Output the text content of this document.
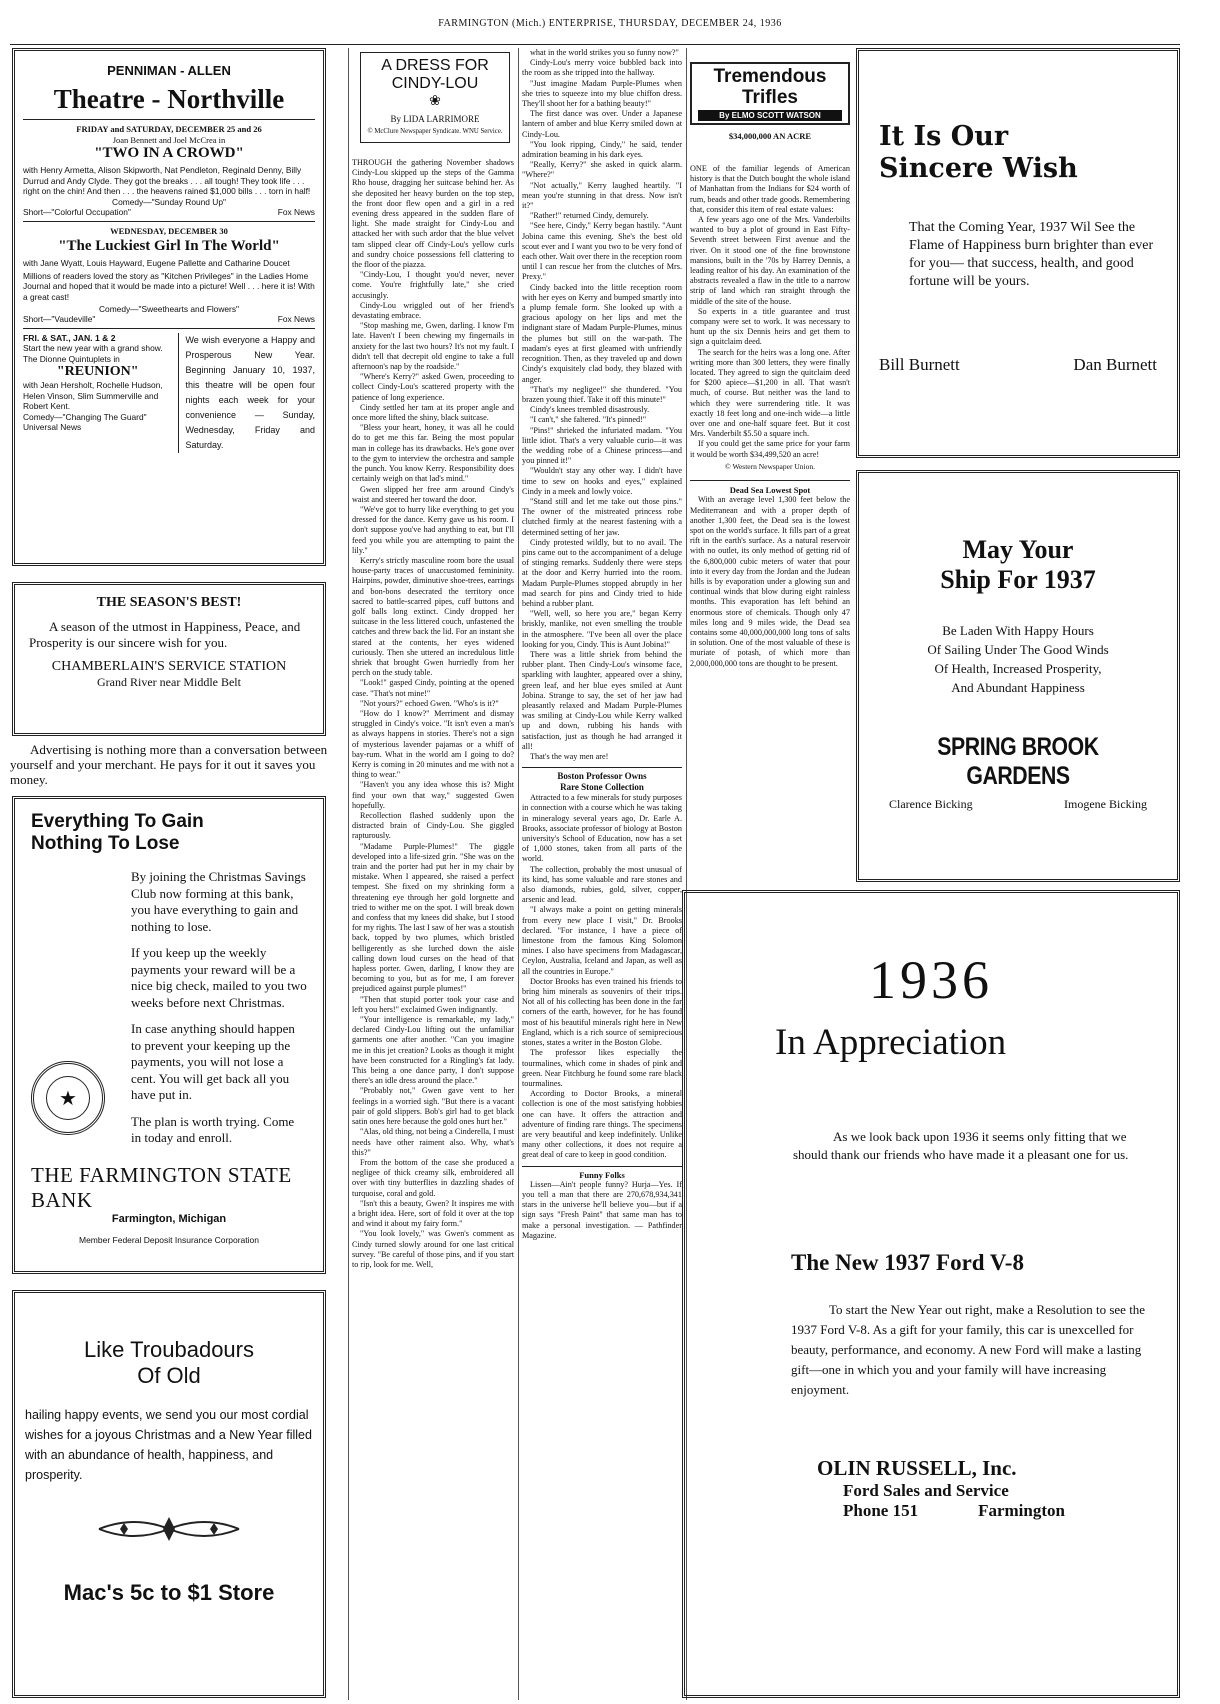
FARMINGTON (Mich.) ENTERPRISE, THURSDAY, DECEMBER 24, 1936
PENNIMAN - ALLEN
Theatre - Northville
FRIDAY and SATURDAY, DECEMBER 25 and 26
Joan Bennett and Joel McCrea in
"TWO IN A CROWD"
with Henry Armetta, Alison Skipworth, Nat Pendleton, Reginald Denny, Billy Durrud and Andy Clyde. They got the breaks . . . all tough! They took life . . . right on the chin! And then . . . the heavens rained $1,000 bills . . . torn in half!
Comedy—"Sunday Round Up"
Short—"Colorful Occupation"	Fox News
WEDNESDAY, DECEMBER 30
"The Luckiest Girl In The World"
with Jane Wyatt, Louis Hayward, Eugene Pallette and Catharine Doucet
Millions of readers loved the story as "Kitchen Privileges" in the Ladies Home Journal and hoped that it would be made into a picture! Well . . . here it is! With a great cast!
Comedy—"Sweethearts and Flowers"
Short—"Vaudeville"	Fox News
FRI. & SAT., JAN. 1 & 2
Start the new year with a grand show. The Dionne Quintuplets in
"REUNION"
with Jean Hersholt, Rochelle Hudson, Helen Vinson, Slim Summerville and Robert Kent.
Comedy—"Changing The Guard" Universal News
We wish everyone a Happy and Prosperous New Year. Beginning January 10, 1937, this theatre will be open four nights each week for your convenience — Sunday, Wednesday, Friday and Saturday.
THE SEASON'S BEST!
A season of the utmost in Happiness, Peace, and Prosperity is our sincere wish for you.
CHAMBERLAIN'S SERVICE STATION
Grand River near Middle Belt
Advertising is nothing more than a conversation between yourself and your merchant. He pays for it out it saves you money.
Everything To Gain
Nothing To Lose
By joining the Christmas Savings Club now forming at this bank, you have everything to gain and nothing to lose.
If you keep up the weekly payments your reward will be a nice big check, mailed to you two weeks before next Christmas.
★
In case anything should happen to prevent your keeping up the payments, you will not lose a cent. You will get back all you have put in.
The plan is worth trying. Come in today and enroll.
THE FARMINGTON STATE BANK
Farmington, Michigan
Member Federal Deposit Insurance Corporation
Like Troubadours
Of Old
hailing happy events, we send you our most cordial wishes for a joyous Christmas and a New Year filled with an abundance of health, happiness, and prosperity.
Mac's 5c to $1 Store
A DRESS FOR
CINDY-LOU
❀
By LIDA LARRIMORE
© McClure Newspaper Syndicate. WNU Service.

THROUGH the gathering November shadows Cindy-Lou skipped up the steps of the Gamma Rho house, dragging her suitcase behind her. As she deposited her heavy burden on the top step, the front door flew open and a girl in a red evening dress appeared in the sudden flare of light. She made straight for Cindy-Lou and attacked her with such ardor that the blue velvet tam slipped clear off Cindy-Lou's yellow curls and sundry choice possessions fell clattering to the floor of the piazza.

"Cindy-Lou, I thought you'd never, never come. You're frightfully late," she cried accusingly.

Cindy-Lou wriggled out of her friend's devastating embrace.

"Stop mashing me, Gwen, darling. I know I'm late. Haven't I been chewing my fingernails in anxiety for the last two hours? It's not my fault. I didn't tell that decrepit old engine to take a full afternoon's nap by the roadside."

"Where's Kerry?" asked Gwen, proceeding to collect Cindy-Lou's scattered property with the patience of long experience.

Cindy settled her tam at its proper angle and once more lifted the shiny, black suitcase.

"Bless your heart, honey, it was all he could do to get me this far. Being the most popular man in college has its drawbacks. He's gone over to the gym to interview the orchestra and sample the punch. You know Kerry. Responsibility does certainly weigh on that lad's mind."

Gwen slipped her free arm around Cindy's waist and steered her toward the door.

"We've got to hurry like everything to get you dressed for the dance. Kerry gave us his room. I don't suppose you've had anything to eat, but I'll feed you while you are attempting to paint the lily."

Kerry's strictly masculine room bore the usual house-party traces of unaccustomed femininity. Hairpins, powder, diminutive shoe-trees, earrings and bon-bons desecrated the territory once sacred to battle-scarred pipes, cuff buttons and golf balls long extinct. Cindy dropped her suitcase in the less littered couch, unfastened the catches and threw back the lid. For an instant she stared at the contents, her eyes widened curiously. Then she uttered an incredulous little shriek that brought Gwen hurriedly from her perch on the study table.

"Look!" gasped Cindy, pointing at the opened case. "That's not mine!"

"Not yours?" echoed Gwen. "Who's is it?"

"How do I know?" Merriment and dismay struggled in Cindy's voice. "It isn't even a man's as always happens in stories. There's not a sign of mysterious lavender pajamas or a whiff of bay-rum. What in the world am I going to do? Kerry is coming in 20 minutes and me with not a thing to wear."

"Haven't you any idea whose this is? Might find your own that way," suggested Gwen hopefully.

Recollection flashed suddenly upon the distracted brain of Cindy-Lou. She giggled rapturously.

"Madame Purple-Plumes!" The giggle developed into a life-sized grin. "She was on the train and the porter had put her in my chair by mistake. When I appeared, she raised a perfect tempest. She fixed on my shrinking form a threatening eye through her gold lorgnette and tried to wither me on the spot. I will break down and confess that my knees did shake, but I stood for my rights. The last I saw of her was a stoutish back, topped by two plumes, which bristled belligerently as she lurched down the aisle calling down loud curses on the head of that hapless porter. Gwen, darling, I know they are becoming to you, but as for me, I am forever prejudiced against purple plumes!"

"Then that stupid porter took your case and left you hers!" exclaimed Gwen indignantly.

"Your intelligence is remarkable, my lady," declared Cindy-Lou lifting out the unfamiliar garments one after another. "Can you imagine me in this jet creation? Looks as though it might have been constructed for a Ringling's fat lady. This being a one dance party, I don't suppose there's an idle dress around the place."

"Probably not," Gwen gave vent to her feelings in a worried sigh. "But there is a vacant pair of gold slippers. Bob's girl had to get black satin ones here because the gold ones hurt her."

"Alas, old thing, not being a Cinderella, I must needs have other raiment also. Why, what's this?"

From the bottom of the case she produced a negligee of thick creamy silk, embroidered all over with tiny butterflies in dazzling shades of turquoise, coral and gold.

"Isn't this a beauty, Gwen? It inspires me with a bright idea. Here, sort of fold it over at the top and wind it about my fairy form."

"You look lovely," was Gwen's comment as Cindy turned slowly around for one last critical survey. "Be careful of those pins, and if you start to rip, look for me. Well,

what in the world strikes you so funny now?"

Cindy-Lou's merry voice bubbled back into the room as she tripped into the hallway.

"Just imagine Madam Purple-Plumes when she tries to squeeze into my blue chiffon dress. They'll shoot her for a bathing beauty!"

The first dance was over. Under a Japanese lantern of amber and blue Kerry smiled down at Cindy-Lou.

"You look ripping, Cindy," he said, tender admiration beaming in his dark eyes.

"Really, Kerry?" she asked in quick alarm. "Where?"

"Not actually," Kerry laughed heartily. "I mean you're stunning in that dress. Now isn't it?"

"Rather!" returned Cindy, demurely.

"See here, Cindy," Kerry began hastily. "Aunt Jobina came this evening. She's the best old scout ever and I want you two to be very fond of each other. Wait over there in the reception room until I can rescue her from the clutches of Mrs. Prexy."

Cindy backed into the little reception room with her eyes on Kerry and bumped smartly into a plump female form. She looked up with a gracious apology on her lips and met the indignant stare of Madam Purple-Plumes, minus the plumes but still on the war-path. The madam's eyes at first gleamed with unfriendly recognition. Then, as they traveled up and down Cindy's exquisitely clad body, they blazed with anger.

"That's my negligee!" she thundered. "You brazen young thief. Take it off this minute!"

Cindy's knees trembled disastrously.

"I can't," she faltered. "It's pinned!"

"Pins!" shrieked the infuriated madam. "You little idiot. That's a very valuable curio—it was the wedding robe of a Chinese princess—and you pinned it!"

"Wouldn't stay any other way. I didn't have time to sew on hooks and eyes," explained Cindy in a meek and lowly voice.

"Stand still and let me take out those pins." The owner of the mistreated princess robe clutched firmly at the nearest fastening with a determined setting of her jaw.

Cindy protested wildly, but to no avail. The pins came out to the accompaniment of a deluge of stinging remarks. Suddenly there were steps at the door and Kerry hurried into the room. Madam Purple-Plumes stopped abruptly in her mad search for pins and Cindy tried to hide behind a rubber plant.

"Well, well, so here you are," began Kerry briskly, manlike, not even smelling the trouble in the atmosphere. "I've been all over the place looking for you, Cindy. This is Aunt Jobina!"

There was a little shriek from behind the rubber plant. Then Cindy-Lou's winsome face, sparkling with laughter, appeared over a shiny, green leaf, and her blue eyes smiled at Aunt Jobina. Strange to say, the set of her jaw had pleasantly relaxed and Madam Purple-Plumes was smiling at Cindy-Lou while Kerry walked up and down, rubbing his hands with satisfaction, just as though he had arranged it all!

That's the way men are!

Boston Professor Owns
Rare Stone Collection

Attracted to a few minerals for study purposes in connection with a course which he was taking in mineralogy several years ago, Dr. Earle A. Brooks, associate professor of biology at Boston university's School of Education, now has a set of 1,000 stones, taken from all parts of the world.

The collection, probably the most unusual of its kind, has some valuable and rare stones and also diamonds, rubies, gold, silver, copper, arsenic and lead.

"I always make a point on getting minerals from every new place I visit," Dr. Brooks declared. "For instance, I have a piece of limestone from the famous King Solomon mines. I also have specimens from Madagascar, Ceylon, Australia, Iceland and Japan, as well as all the countries in Europe."

Doctor Brooks has even trained his friends to bring him minerals as souvenirs of their trips. Not all of his collecting has been done in the far corners of the earth, however, for he has found most of his beautiful minerals right here in New England, which is a rich source of semiprecious stones, states a writer in the Boston Globe.

The professor likes especially the tourmalines, which come in shades of pink and green. Near Fitchburg he found some rare black tourmalines.

According to Doctor Brooks, a mineral collection is one of the most satisfying hobbies one can have. It offers the attraction and adventure of finding rare things. The specimens are very beautiful and keep indefinitely. Unlike many other collections, it does not require a great deal of care to keep in good condition.

Funny Folks

Lissen—Ain't people funny? Hurja—Yes. If you tell a man that there are 270,678,934,341 stars in the universe he'll believe you—but if a sign says "Fresh Paint" that same man has to make a personal investigation. — Pathfinder Magazine.

Tremendous
Trifles
By ELMO SCOTT WATSON
$34,000,000 AN ACRE

ONE of the familiar legends of American history is that the Dutch bought the whole island of Manhattan from the Indians for $24 worth of rum, beads and other trade goods. Remembering that, consider this item of real estate values:

A few years ago one of the Mrs. Vanderbilts wanted to buy a plot of ground in East Fifty-Seventh street between First avenue and the river. On it stood one of the fine brownstone mansions, built in the '70s by Harrey Dennis, a leading realtor of his day. An examination of the abstracts revealed a flaw in the title to a narrow strip of land which ran straight through the middle of the site of the house.

So experts in a title guarantee and trust company were set to work. It was necessary to hunt up the six Dennis heirs and get them to sign a quitclaim deed.

The search for the heirs was a long one. After writing more than 300 letters, they were finally located. They agreed to sign the quitclaim deed for $200 apiece—$1,200 in all. That wasn't much, of course. But neither was the land to which they were surrendering title. It was exactly 18 feet long and one-inch wide—a little over one and one-half square feet. But it cost Mrs. Vanderbilt $5.50 a square inch.

If you could get the same price for your farm it would be worth $34,499,520 an acre!

© Western Newspaper Union.
Dead Sea Lowest Spot

With an average level 1,300 feet below the Mediterranean and with a proper depth of another 1,300 feet, the Dead sea is the lowest spot on the world's surface. It fills part of a great rift in the earth's surface. As a natural reservoir with no outlet, its only method of getting rid of the 6,800,000 cubic meters of water that pour into it every day from the Jordan and the Judean hills is by evaporation under a glowing sun and continual winds that blow during eight rainless months. This evaporation has left behind an enormous store of chemicals. Though only 47 miles long and 9 miles wide, the Dead sea contains some 40,000,000,000 long tons of salts in solution. One of the most valuable of these is muriate of potash, of which more than 2,000,000,000 tons are thought to be present.

It Is Our
Sincere Wish
That the Coming Year, 1937 Wil See the Flame of Happiness burn brighter than ever for you— that success, health, and good fortune will be yours.
Bill Burnett	Dan Burnett
May Your
Ship For 1937
Be Laden With Happy Hours
Of Sailing Under The Good Winds
Of Health, Increased Prosperity,
And Abundant Happiness
SPRING BROOK GARDENS
Clarence Bicking	Imogene Bicking
1936
In Appreciation
As we look back upon 1936 it seems only fitting that we should thank our friends who have made it a pleasant one for us.
The New 1937 Ford V-8
To start the New Year out right, make a Resolution to see the 1937 Ford V-8. As a gift for your family, this car is unexcelled for beauty, performance, and economy. A new Ford will make a lasting gift—one in which you and your family will have increasing enjoyment.
OLIN RUSSELL, Inc.
Ford Sales and Service
Phone 151	Farmington
